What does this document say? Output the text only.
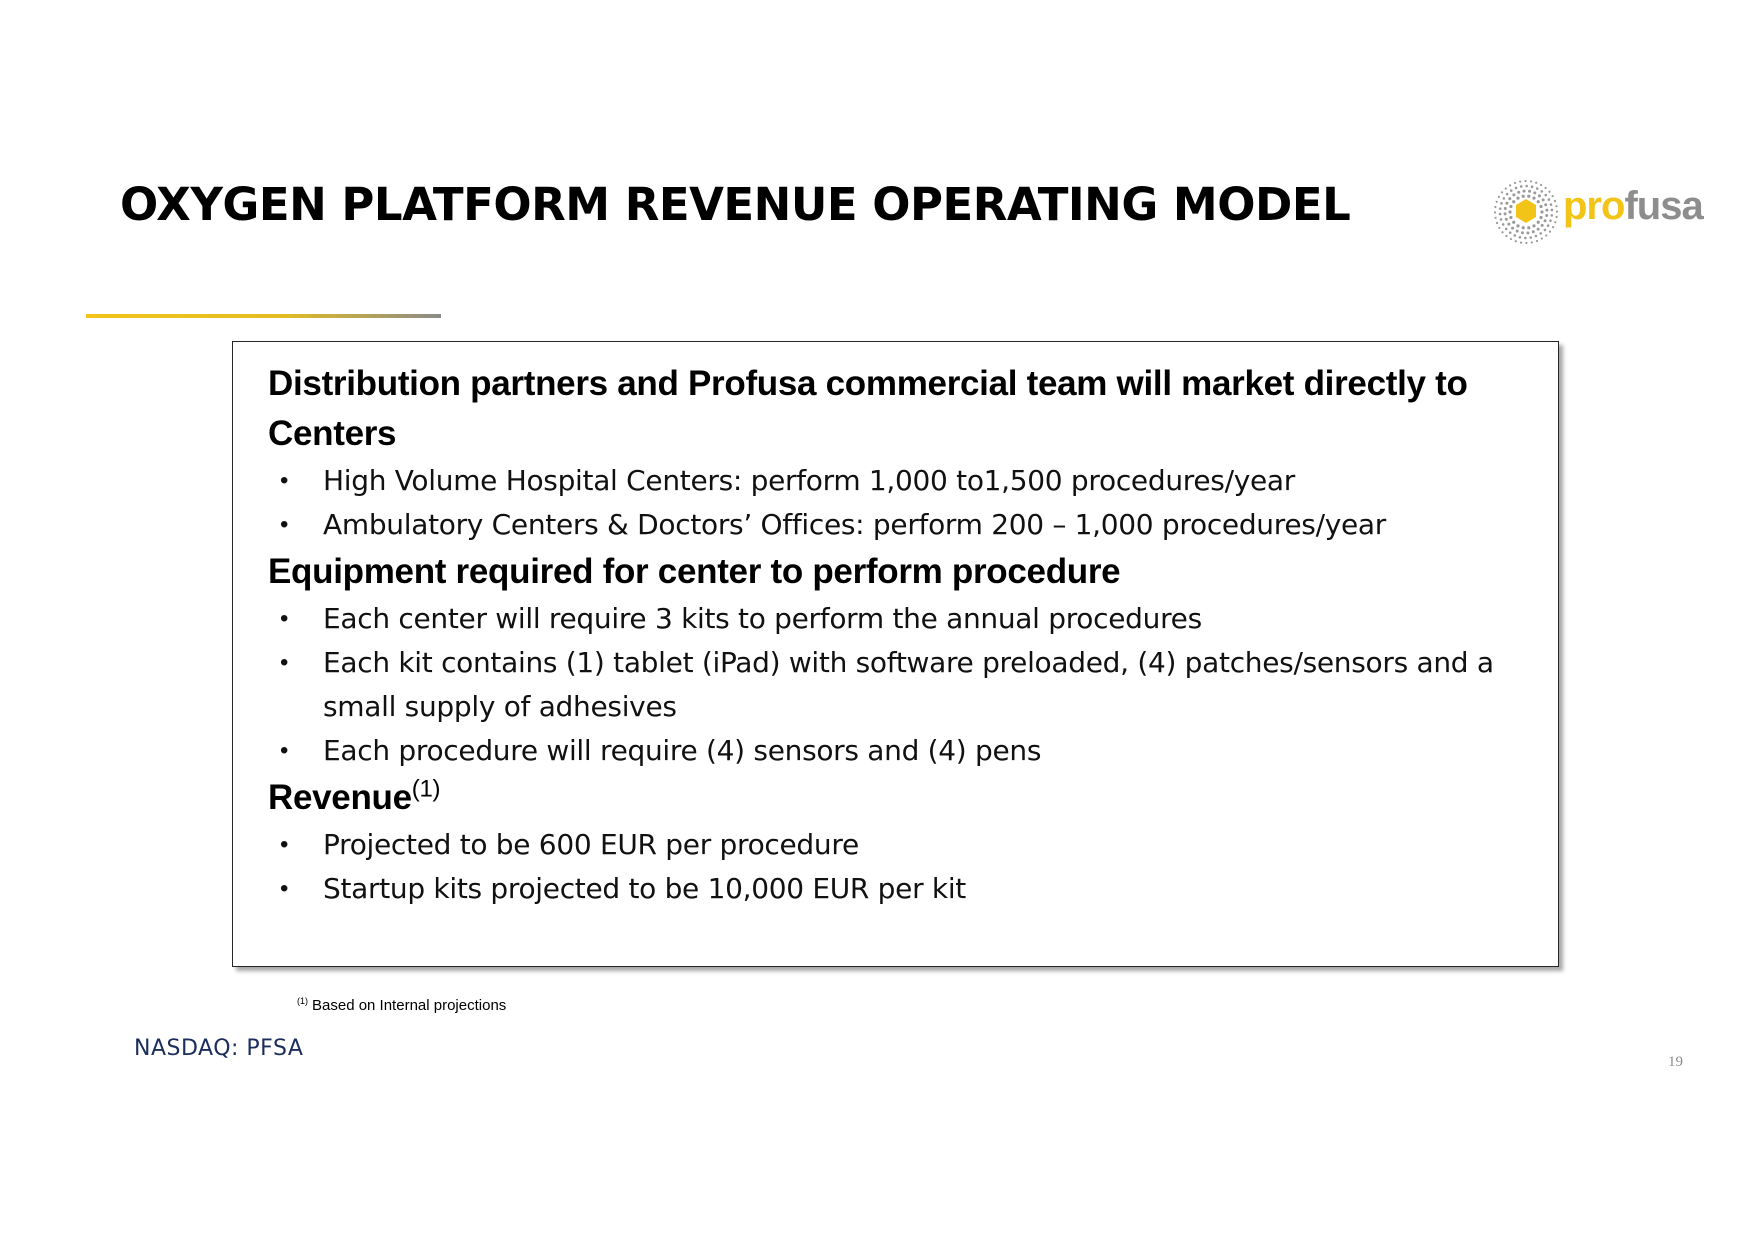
OXYGEN PLATFORM REVENUE OPERATING MODEL	profusa
Distribution partners and Profusa commercial team will market directly to Centers
• High Volume Hospital Centers: perform 1,000 to1,500 procedures/year
• Ambulatory Centers & Doctors’ Offices: perform 200 – 1,000 procedures/year
Equipment required for center to perform procedure
• Each center will require 3 kits to perform the annual procedures
• Each kit contains (1) tablet (iPad) with software preloaded, (4) patches/sensors and a small supply of adhesives
• Each procedure will require (4) sensors and (4) pens
Revenue$^{(1)}$
• Projected to be 600 EUR per procedure
• Startup kits projected to be 10,000 EUR per kit
$^{(1)}$ Based on Internal projections
NASDAQ: PFSA
19
